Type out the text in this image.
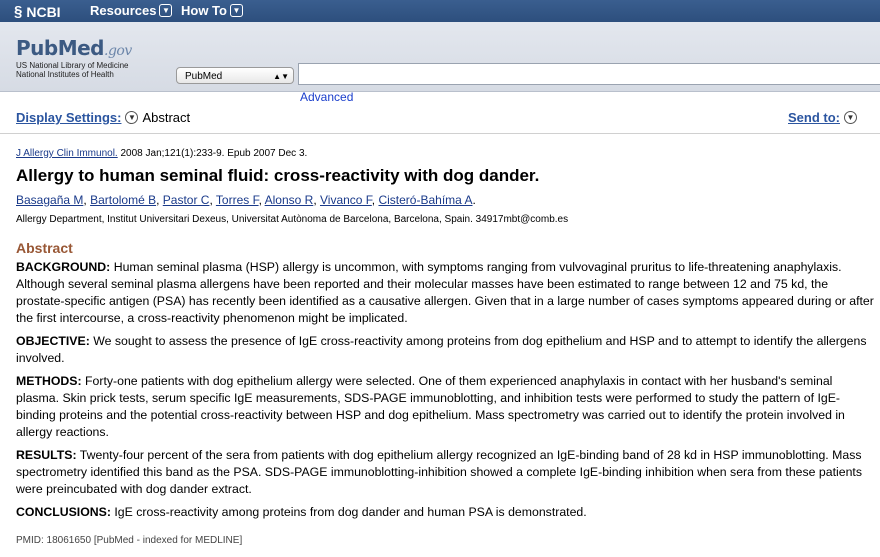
§ NCBI Resources ▼ How To ▼
PubMed.gov
US National Library of Medicine
National Institutes of Health	PubMed	▲▼
Advanced
Display Settings: ▼ Abstract	Send to: ▼
J Allergy Clin Immunol. 2008 Jan;121(1):233-9. Epub 2007 Dec 3.
Allergy to human seminal fluid: cross-reactivity with dog dander.
Basagaña M, Bartolomé B, Pastor C, Torres F, Alonso R, Vivanco F, Cisteró-Bahíma A.
Allergy Department, Institut Universitari Dexeus, Universitat Autònoma de Barcelona, Barcelona, Spain. 34917mbt@comb.es
Abstract

BACKGROUND: Human seminal plasma (HSP) allergy is uncommon, with symptoms ranging from vulvovaginal pruritus to life-threatening anaphylaxis. Although several seminal plasma allergens have been reported and their molecular masses have been estimated to range between 12 and 75 kd, the prostate-specific antigen (PSA) has recently been identified as a causative allergen. Given that in a large number of cases symptoms appeared during or after the first intercourse, a cross-reactivity phenomenon might be implicated.

OBJECTIVE: We sought to assess the presence of IgE cross-reactivity among proteins from dog epithelium and HSP and to attempt to identify the allergens involved.

METHODS: Forty-one patients with dog epithelium allergy were selected. One of them experienced anaphylaxis in contact with her husband's seminal plasma. Skin prick tests, serum specific IgE measurements, SDS-PAGE immunoblotting, and inhibition tests were performed to study the pattern of IgE-binding proteins and the potential cross-reactivity between HSP and dog epithelium. Mass spectrometry was carried out to identify the protein involved in allergy reactions.

RESULTS: Twenty-four percent of the sera from patients with dog epithelium allergy recognized an IgE-binding band of 28 kd in HSP immunoblotting. Mass spectrometry identified this band as the PSA. SDS-PAGE immunoblotting-inhibition showed a complete IgE-binding inhibition when sera from these patients were preincubated with dog dander extract.

CONCLUSIONS: IgE cross-reactivity among proteins from dog dander and human PSA is demonstrated.

PMID: 18061650 [PubMed - indexed for MEDLINE]
